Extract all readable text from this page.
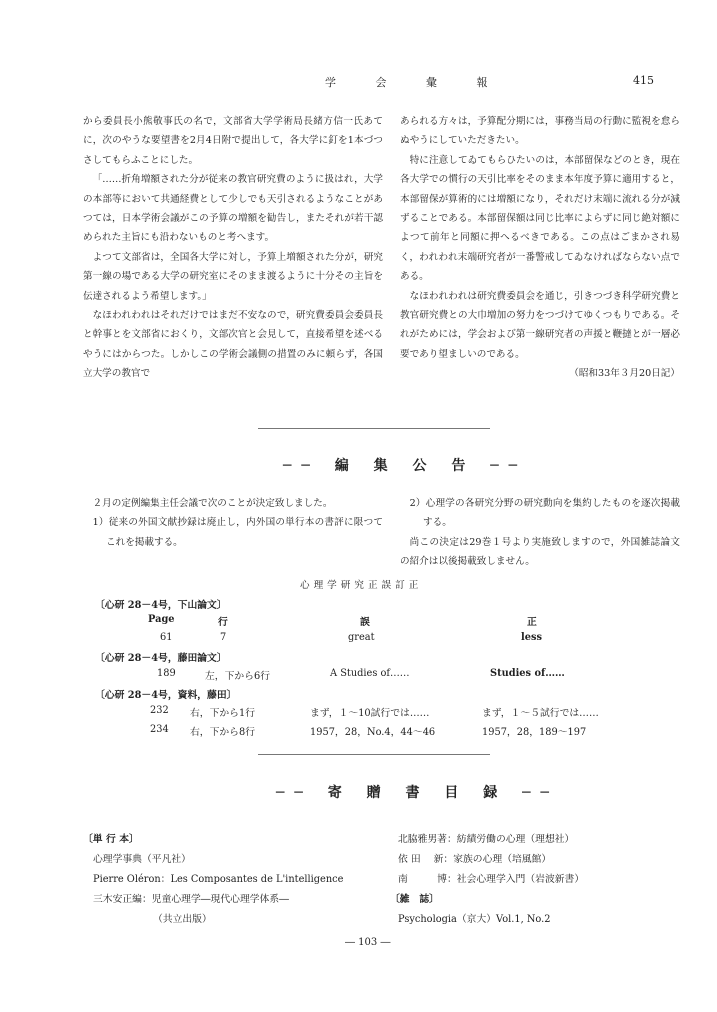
学 会 彙 報	415

から委員長小熊敬事氏の名で，文部省大学学術局長緒方信一氏あてに，次のやうな要望書を2月4日附で提出して，各大学に釘を1本づつさしてもらふことにした。

「……折角増額された分が従来の教官研究費のように扱はれ，大学の本部等において共通経費として少しでも天引されるようなことがあつては，日本学術会議がこの予算の増額を勧告し，またそれが若干認められた主旨にも沿わないものと考へます。

よつて文部省は，全国各大学に対し，予算上増額された分が，研究第一線の場である大学の研究室にそのまま渡るように十分その主旨を伝達されるよう希望します。」

なほわれわれはそれだけではまだ不安なので，研究費委員会委員長と幹事とを文部省におくり，文部次官と会見して，直接希望を述べるやうにはからつた。しかしこの学術会議側の措置のみに頼らず，各国立大学の教官で

あられる方々は，予算配分期には，事務当局の行動に監視を怠らぬやうにしていただきたい。

特に注意してゐてもらひたいのは，本部留保などのとき，現在各大学での慣行の天引比率をそのまま本年度予算に適用すると，本部留保が算術的には増額になり，それだけ末端に流れる分が減ずることである。本部留保額は同じ比率によらずに同じ絶対額によつて前年と同額に押へるべきである。この点はごまかされ易く，われわれ末端研究者が一番警戒してゐなければならない点である。

なほわれわれは研究費委員会を通じ，引きつづき科学研究費と教官研究費との大巾増加の努力をつづけてゆくつもりである。それがためには，学会および第一線研究者の声援と鞭撻とが一層必要であり望ましいのである。

（昭和33年３月20日記）

── 編 集 公 告 ──

２月の定例編集主任会議で次のことが決定致しました。

1）従来の外国文献抄録は廃止し，内外国の単行本の書評に限つてこれを掲載する。

2）心理学の各研究分野の研究動向を集約したものを逐次掲載する。

尚この決定は29巻１号より実施致しますので，外国雑誌論文の紹介は以後掲載致しません。

心理学研究正誤訂正
Page	行	誤	正
〔心研 28－4号，下山論文〕
61	7	great	less
〔心研 28－4号，藤田論文〕
189	左，下から6行	A Studies of……	Studies of……
〔心研 28－4号，資料，藤田〕
232 右，下から1行	まず，１～10試行では……	まず，１～５試行では……
234 右，下から8行	1957，28，No.4，44～46	1957，28，189～197
── 寄 贈 書 目 録 ──

〔単 行 本〕

心理学事典（平凡社）

Pierre Oléron：Les Composantes de L'intelligence

三木安正編：児童心理学―現代心理学体系―

（共立出版）

北脇雅男著：紡績労働の心理（理想社）

依 田　 新：家族の心理（培風館）

南　　　博：社会心理学入門（岩波新書）

〔雑　誌〕

Psychologia（京大）Vol.1, No.2

― 103 ―
